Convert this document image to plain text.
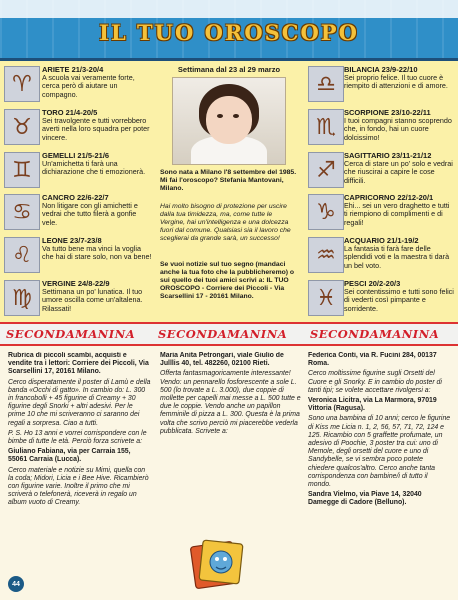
IL TUO OROSCOPO
♈
ARIETE 21/3-20/4
A scuola vai veramente forte, cerca però di aiutare un compagno.
♉
TORO 21/4-20/5
Sei travolgente e tutti vorrebbero averti nella loro squadra per poter vincere.
♊
GEMELLI 21/5-21/6
Un'amichetta ti farà una dichiarazione che ti emozionerà.
♋
CANCRO 22/6-22/7
Non litigare con gli amichetti e vedrai che tutto filerà a gonfie vele.
♌
LEONE 23/7-23/8
Va tutto bene ma vinci la voglia che hai di stare solo, non va bene!
♍
VERGINE 24/8-22/9
Settimana un po' lunatica. Il tuo umore oscilla come un'altalena. Rilassati!
Settimana dal 23 al 29 marzo
Sono nata a Milano l'8 settembre del 1985. Mi fai l'oroscopo? Stefania Mantovani, Milano.
Hai molto bisogno di protezione per uscire dalla tua timidezza, ma, come tutte le Vergine, hai un'intelligenza e una dolcezza fuori dal comune. Qualsiasi sia il lavoro che sceglierai da grande sarà, un successo!
Se vuoi notizie sul tuo segno (mandaci anche la tua foto che la pubblicheremo) o sui quello dei tuoi amici scrivi a: IL TUO OROSCOPO - Corriere dei Piccoli - Via Scarsellini 17 - 20161 Milano.
♎
BILANCIA 23/9-22/10
Sei proprio felice. Il tuo cuore è riempito di attenzioni e di amore.
♏
SCORPIONE 23/10-22/11
I tuoi compagni stanno scoprendo che, in fondo, hai un cuore dolcissimo!
♐
SAGITTARIO 23/11-21/12
Cerca di stare un po' solo e vedrai che riuscirai a capire le cose difficili.
♑
CAPRICORNO 22/12-20/1
Ehi... sei un vero draghetto e tutti ti riempiono di complimenti e di regali!
♒
ACQUARIO 21/1-19/2
La fantasia ti farà fare delle splendidi voti e la maestra ti darà un bel voto.
♓
PESCI 20/2-20/3
Sei contentissimo e tutti sono felici di vederti così pimpante e sorridente.
SECONDAMANINA SECONDAMANINA SECONDAMANINA

Rubrica di piccoli scambi, acquisti e vendite tra i lettori: Corriere dei Piccoli, Via Scarsellini 17, 20161 Milano.

Cerco disperatamente il poster di Lamù e della banda «Occhi di gatto». In cambio do: L. 300 in francobolli + 45 figurine di Creamy + 30 figurine degli Snorki + altri adesivi. Per le prime 10 che mi scriveranno ci saranno dei regali a sorpresa. Ciao a tutti.

P. S. Ho 13 anni e vorrei corrispondere con le bimbe di tutte le età. Perciò forza scrivete a:

Giuliano Fabiana, via per Carraia 155, 55061 Carraia (Lucca).

Cerco materiale e notizie su Mimi, quella con la coda; Midori, Licia e i Bee Hive. Ricambierò con figurine varie. Inoltre il primo che mi scriverà o telefonerà, riceverà in regalo un album vuoto di Creamy.

Maria Anita Petrongari, viale Giulio de Julllis 40, tel. 482260, 02100 Rieti.

Offerta fantasmagoricamente interessante! Vendo: un pennarello fosforescente a sole L. 500 (lo trovate a L. 3.000), due coppie di mollette per capelli mai messe a L. 500 tutte e due le coppie. Vendo anche un papillon femminile di pizza a L. 300. Questa è la prima volta che scrivo perciò mi piacerebbe vederla pubblicata. Scrivete a:

Federica Conti, via R. Fucini 284, 00137 Roma.

Cerco moltissime figurine sugli Orsetti del Cuore e gli Snorky. E in cambio do poster di tanti tipi; se volete accettare rivolgersi a:

Veronica Licitra, via La Marmora, 97019 Vittoria (Ragusa).

Sono una bambina di 10 anni; cerco le figurine di Kiss me Licia n. 1, 2, 56, 57, 71, 72, 124 e 125. Ricambio con 5 graffette profumate, un adesivo di Poochie, 3 poster tra cui: uno di Memole, degli orsetti del cuore e uno di Sandybelle, se vi sembra poco potete chiedere qualcos'altro. Cerco anche tanta corrispondenza con bambine/i di tutto il mondo.

Sandra Vielmo, via Piave 14, 32040 Damegge di Cadore (Belluno).

44
